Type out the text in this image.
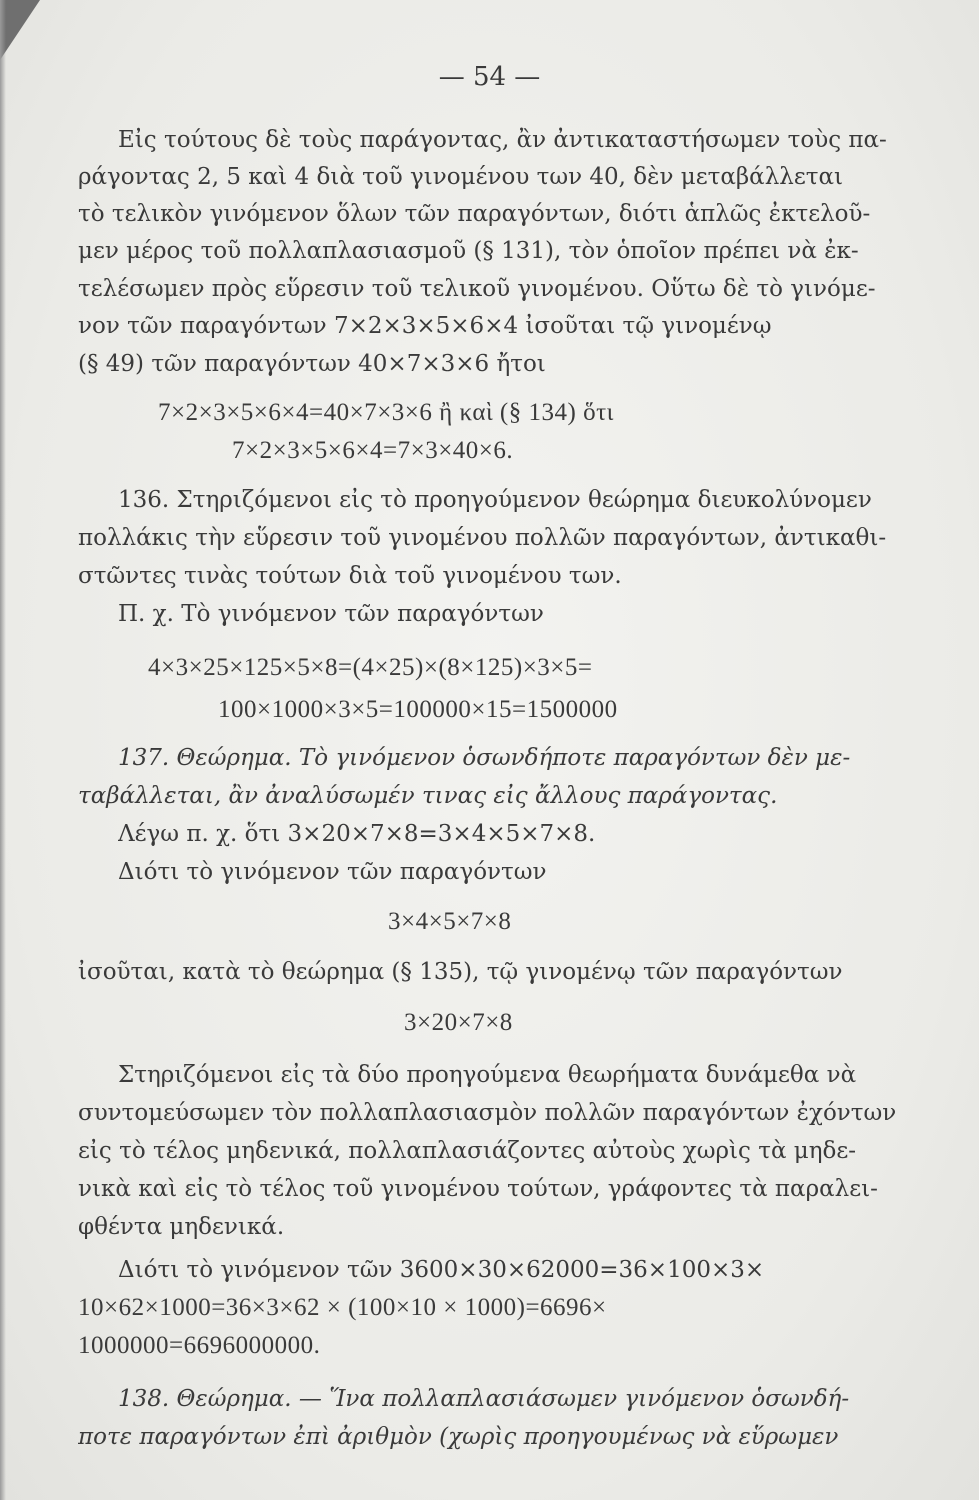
— 54 —
Εἰς τούτους δὲ τοὺς παράγοντας, ἂν ἀντικαταστήσωμεν τοὺς πα-
ράγοντας 2, 5 καὶ 4 διὰ τοῦ γινομένου των 40, δὲν μεταβάλλεται
τὸ τελικὸν γινόμενον ὅλων τῶν παραγόντων, διότι ἁπλῶς ἐκτελοῦ-
μεν μέρος τοῦ πολλαπλασιασμοῦ (§ 131), τὸν ὁποῖον πρέπει νὰ ἐκ-
τελέσωμεν πρὸς εὕρεσιν τοῦ τελικοῦ γινομένου. Οὕτω δὲ τὸ γινόμε-
νον τῶν παραγόντων 7×2×3×5×6×4 ἰσοῦται τῷ γινομένῳ
(§ 49) τῶν παραγόντων 40×7×3×6 ἤτοι
7×2×3×5×6×4=40×7×3×6 ἢ καὶ (§ 134) ὅτι
7×2×3×5×6×4=7×3×40×6.
136. Στηριζόμενοι εἰς τὸ προηγούμενον θεώρημα διευκολύνομεν
πολλάκις τὴν εὕρεσιν τοῦ γινομένου πολλῶν παραγόντων, ἀντικαθι-
στῶντες τινὰς τούτων διὰ τοῦ γινομένου των.
Π. χ. Τὸ γινόμενον τῶν παραγόντων
4×3×25×125×5×8=(4×25)×(8×125)×3×5=
100×1000×3×5=100000×15=1500000
137. Θεώρημα. Τὸ γινόμενον ὁσωνδήποτε παραγόντων δὲν με-
ταβάλλεται, ἂν ἀναλύσωμέν τινας εἰς ἄλλους παράγοντας.
Λέγω π. χ. ὅτι 3×20×7×8=3×4×5×7×8.
Διότι τὸ γινόμενον τῶν παραγόντων
3×4×5×7×8
ἰσοῦται, κατὰ τὸ θεώρημα (§ 135), τῷ γινομένῳ τῶν παραγόντων
3×20×7×8
Στηριζόμενοι εἰς τὰ δύο προηγούμενα θεωρήματα δυνάμεθα νὰ
συντομεύσωμεν τὸν πολλαπλασιασμὸν πολλῶν παραγόντων ἐχόντων
εἰς τὸ τέλος μηδενικά, πολλαπλασιάζοντες αὐτοὺς χωρὶς τὰ μηδε-
νικὰ καὶ εἰς τὸ τέλος τοῦ γινομένου τούτων, γράφοντες τὰ παραλει-
φθέντα μηδενικά.
Διότι τὸ γινόμενον τῶν 3600×30×62000=36×100×3×
10×62×1000=36×3×62 × (100×10 × 1000)=6696×
1000000=6696000000.
138. Θεώρημα. — Ἵνα πολλαπλασιάσωμεν γινόμενον ὁσωνδή-
ποτε παραγόντων ἐπὶ ἀριθμὸν (χωρὶς προηγουμένως νὰ εὕρωμεν
